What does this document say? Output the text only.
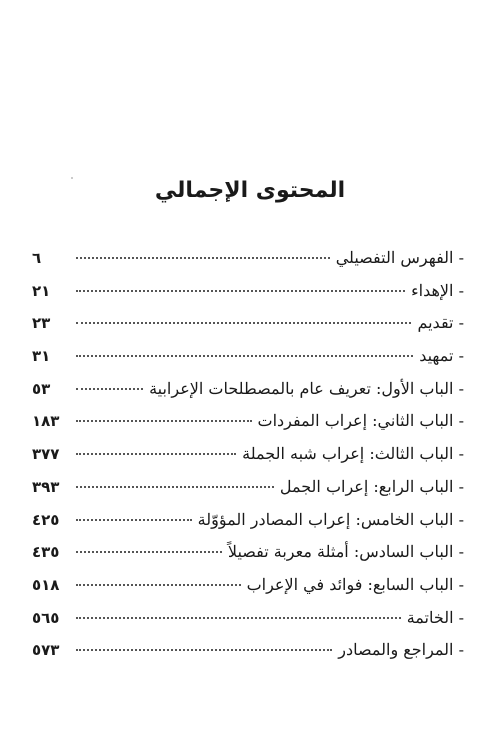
المحتوى الإجمالي
- الفهرس التفصيلي
٦
- الإهداء
٢١
- تقديم
٢٣
- تمهيد
٣١
- الباب الأول: تعريف عام بالمصطلحات الإعرابية
٥٣
- الباب الثاني: إعراب المفردات
١٨٣
- الباب الثالث: إعراب شبه الجملة
٣٧٧
- الباب الرابع: إعراب الجمل
٣٩٣
- الباب الخامس: إعراب المصادر المؤوّلة
٤٢٥
- الباب السادس: أمثلة معربة تفصيلاً
٤٣٥
- الباب السابع: فوائد في الإعراب
٥١٨
- الخاتمة
٥٦٥
- المراجع والمصادر
٥٧٣
